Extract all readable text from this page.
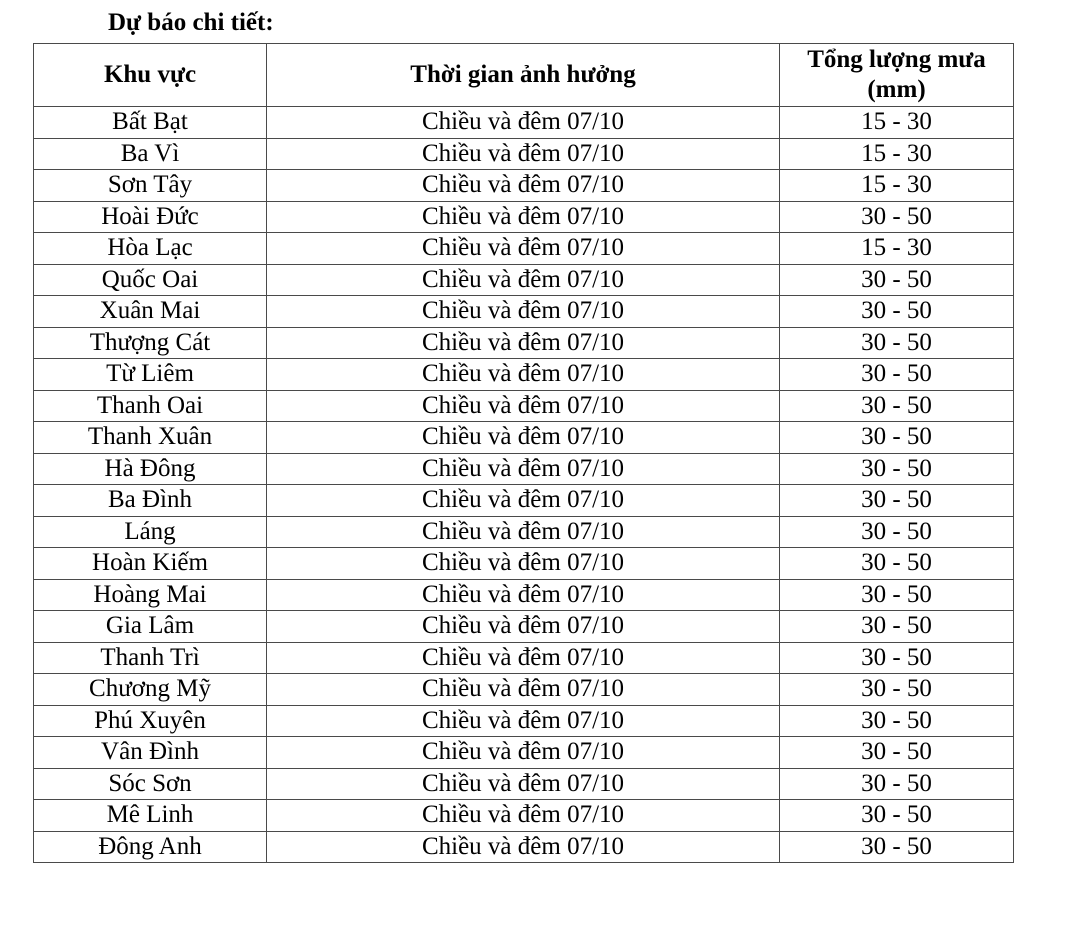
Dự báo chi tiết:
Khu vực	Thời gian ảnh hưởng	Tổng lượng mưa (mm)
Bất Bạt	Chiều và đêm 07/10	15 - 30
Ba Vì	Chiều và đêm 07/10	15 - 30
Sơn Tây	Chiều và đêm 07/10	15 - 30
Hoài Đức	Chiều và đêm 07/10	30 - 50
Hòa Lạc	Chiều và đêm 07/10	15 - 30
Quốc Oai	Chiều và đêm 07/10	30 - 50
Xuân Mai	Chiều và đêm 07/10	30 - 50
Thượng Cát	Chiều và đêm 07/10	30 - 50
Từ Liêm	Chiều và đêm 07/10	30 - 50
Thanh Oai	Chiều và đêm 07/10	30 - 50
Thanh Xuân	Chiều và đêm 07/10	30 - 50
Hà Đông	Chiều và đêm 07/10	30 - 50
Ba Đình	Chiều và đêm 07/10	30 - 50
Láng	Chiều và đêm 07/10	30 - 50
Hoàn Kiếm	Chiều và đêm 07/10	30 - 50
Hoàng Mai	Chiều và đêm 07/10	30 - 50
Gia Lâm	Chiều và đêm 07/10	30 - 50
Thanh Trì	Chiều và đêm 07/10	30 - 50
Chương Mỹ	Chiều và đêm 07/10	30 - 50
Phú Xuyên	Chiều và đêm 07/10	30 - 50
Vân Đình	Chiều và đêm 07/10	30 - 50
Sóc Sơn	Chiều và đêm 07/10	30 - 50
Mê Linh	Chiều và đêm 07/10	30 - 50
Đông Anh	Chiều và đêm 07/10	30 - 50
